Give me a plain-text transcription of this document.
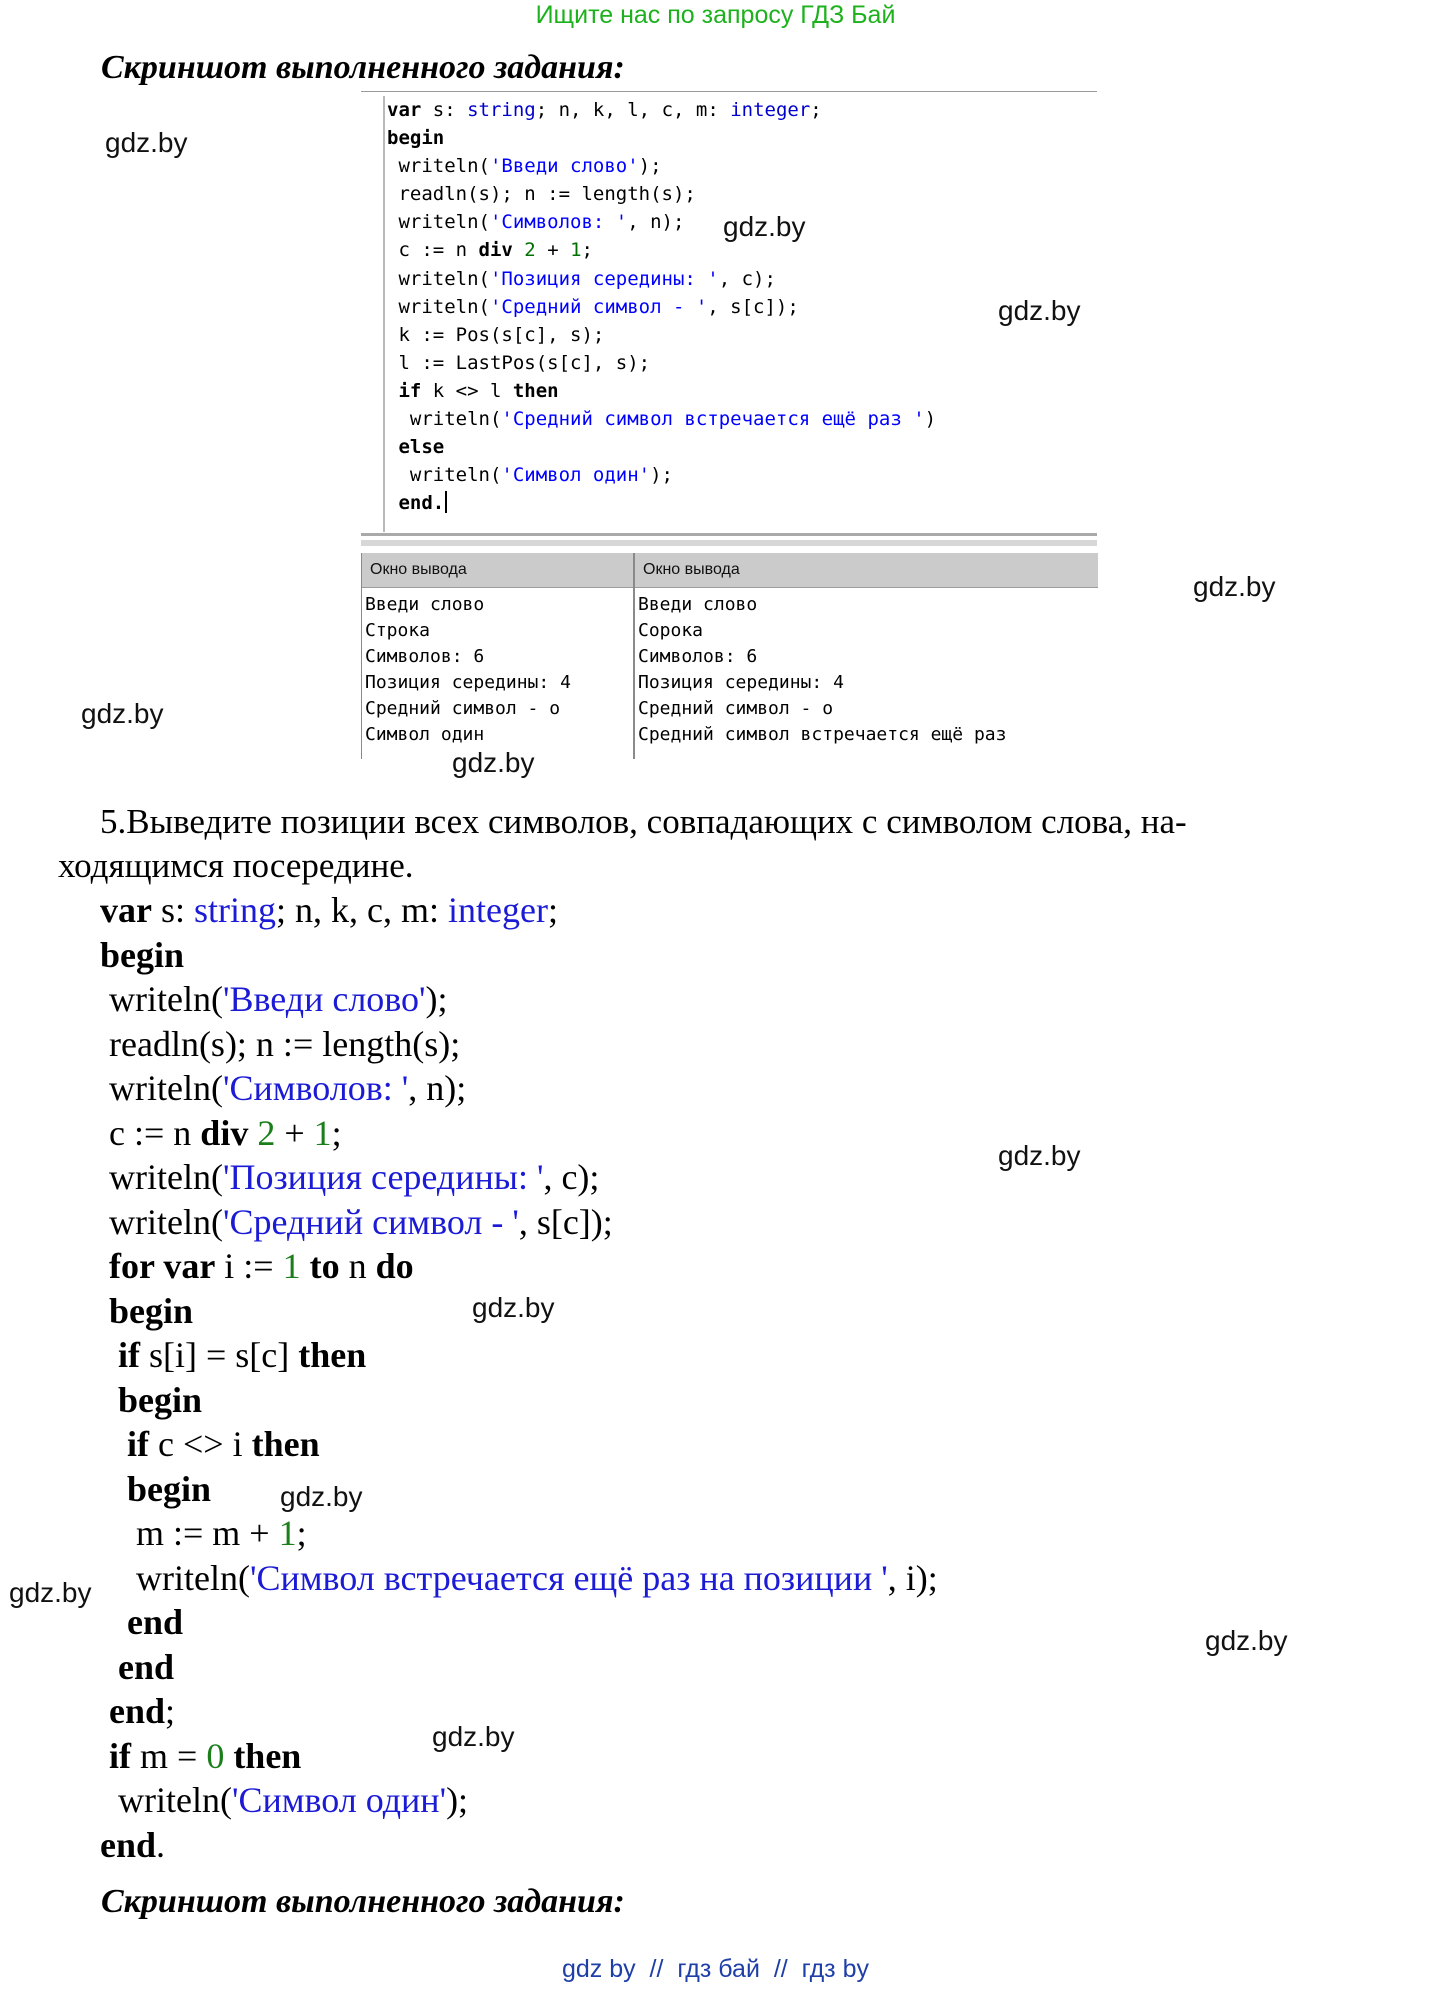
Ищите нас по запросу ГДЗ Бай
Скриншот выполненного задания:
gdz.by
var s: string; n, k, l, c, m: integer;
begin
writeln('Введи слово');
readln(s); n := length(s);
writeln('Символов: ', n);
c := n div 2 + 1;
writeln('Позиция середины: ', c);
writeln('Средний символ - ', s[c]);
k := Pos(s[c], s);
l := LastPos(s[c], s);
if k <> l then
writeln('Средний символ встречается ещё раз ')
else
writeln('Символ один');
end.
gdz.by
gdz.by
Окно вывода
Введи слово
Строка
Символов: 6
Позиция середины: 4
Средний символ - о
Символ один
Окно вывода
Введи слово
Сорока
Символов: 6
Позиция середины: 4
Средний символ - о
Средний символ встречается ещё раз
gdz.by
gdz.by
gdz.by
5.Выведите позиции всех символов, совпадающих с символом слова, на-
ходящимся посередине.
var s: string; n, k, c, m: integer;
begin
writeln('Введи слово');
readln(s); n := length(s);
writeln('Символов: ', n);
c := n div 2 + 1;
writeln('Позиция середины: ', c);
writeln('Средний символ - ', s[c]);
for var i := 1 to n do
begin
if s[i] = s[c] then
begin
if c <> i then
begin
m := m + 1;
writeln('Символ встречается ещё раз на позиции ', i);
end
end
end;
if m = 0 then
writeln('Символ один');
end.
gdz.by
gdz.by
gdz.by
gdz.by
gdz.by
gdz.by
Скриншот выполненного задания:
gdz by  //  гдз бай  //  гдз by
